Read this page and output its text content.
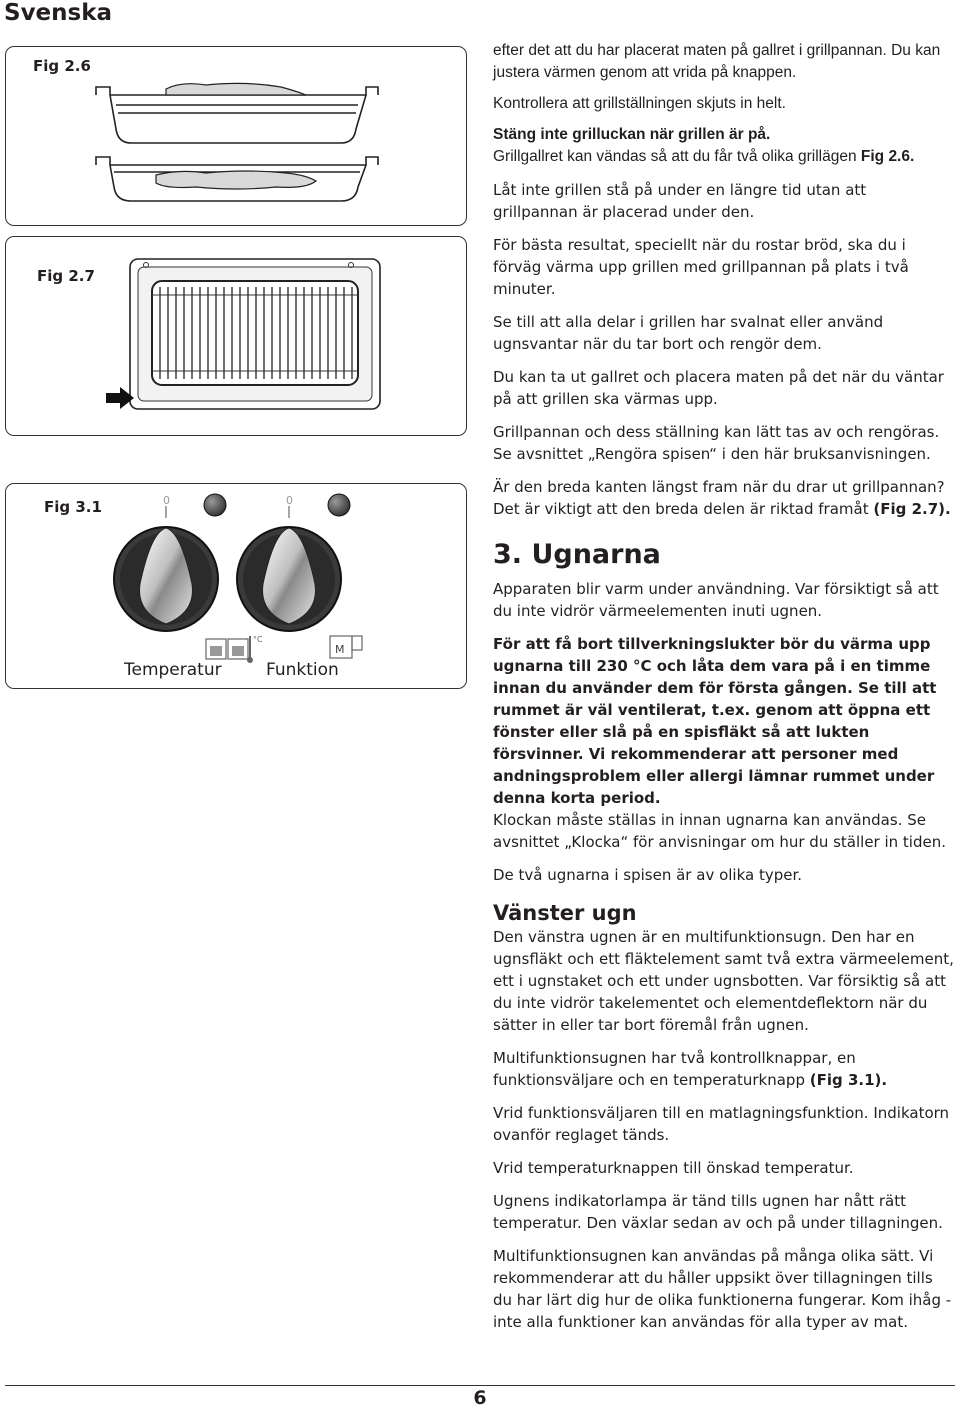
Svenska
Fig 2.6
Fig 2.7
Fig 3.1	0	0
°C
M
Temperatur	Funktion

efter det att du har placerat maten på gallret i grillpannan. Du kan justera värmen genom att vrida på knappen.

Kontrollera att grillställningen skjuts in helt.

Stäng inte grilluckan när grillen är på.
Grillgallret kan vändas så att du får två olika grillägen Fig 2.6.

Låt inte grillen stå på under en längre tid utan att grillpannan är placerad under den.

För bästa resultat, speciellt när du rostar bröd, ska du i förväg värma upp grillen med grillpannan på plats i två minuter.

Se till att alla delar i grillen har svalnat eller använd ugnsvantar när du tar bort och rengör dem.

Du kan ta ut gallret och placera maten på det när du väntar på att grillen ska värmas upp.

Grillpannan och dess ställning kan lätt tas av och rengöras. Se avsnittet „Rengöra spisen“ i den här bruksanvisningen.

Är den breda kanten längst fram när du drar ut grillpannan? Det är viktigt att den breda delen är riktad framåt (Fig 2.7).

3. Ugnarna

Apparaten blir varm under användning. Var försiktigt så att du inte vidrör värmeelementen inuti ugnen.

För att få bort tillverkningslukter bör du värma upp ugnarna till 230 °C och låta dem vara på i en timme innan du använder dem för första gången. Se till att rummet är väl ventilerat, t.ex. genom att öppna ett fönster eller slå på en spisfläkt så att lukten försvinner. Vi rekommenderar att personer med andningsproblem eller allergi lämnar rummet under denna korta period.

Klockan måste ställas in innan ugnarna kan användas. Se avsnittet „Klocka“ för anvisningar om hur du ställer in tiden.

De två ugnarna i spisen är av olika typer.

Vänster ugn

Den vänstra ugnen är en multifunktionsugn. Den har en ugnsfläkt och ett fläktelement samt två extra värmeelement, ett i ugnstaket och ett under ugnsbotten. Var försiktig så att du inte vidrör takelementet och elementdeflektorn när du sätter in eller tar bort föremål från ugnen.

Multifunktionsugnen har två kontrollknappar, en funktionsväljare och en temperaturknapp (Fig 3.1).

Vrid funktionsväljaren till en matlagningsfunktion. Indikatorn ovanför reglaget tänds.

Vrid temperaturknappen till önskad temperatur.

Ugnens indikatorlampa är tänd tills ugnen har nått rätt temperatur. Den växlar sedan av och på under tillagningen.

Multifunktionsugnen kan användas på många olika sätt. Vi rekommenderar att du håller uppsikt över tillagningen tills du har lärt dig hur de olika funktionerna fungerar. Kom ihåg - inte alla funktioner kan användas för alla typer av mat.

6
